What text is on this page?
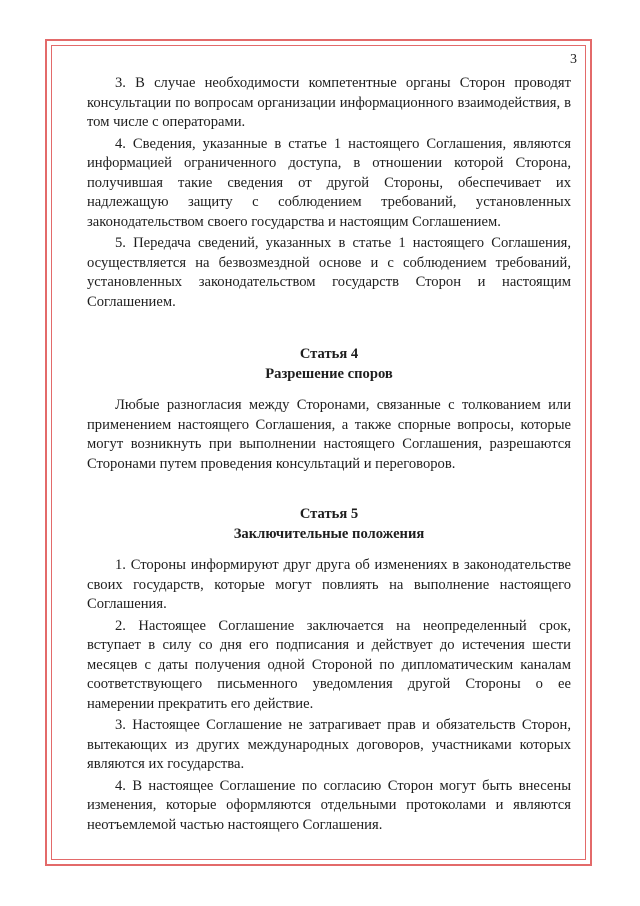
3

3. В случае необходимости компетентные органы Сторон проводят консультации по вопросам организации информационного взаимодействия, в том числе с операторами.

4. Сведения, указанные в статье 1 настоящего Соглашения, являются информацией ограниченного доступа, в отношении которой Сторона, получившая такие сведения от другой Стороны, обеспечивает их надлежащую защиту с соблюдением требований, установленных законодательством своего государства и настоящим Соглашением.

5. Передача сведений, указанных в статье 1 настоящего Соглашения, осуществляется на безвозмездной основе и с соблюдением требований, установленных законодательством государств Сторон и настоящим Соглашением.

Статья 4

Разрешение споров

Любые разногласия между Сторонами, связанные с толкованием или применением настоящего Соглашения, а также спорные вопросы, которые могут возникнуть при выполнении настоящего Соглашения, разрешаются Сторонами путем проведения консультаций и переговоров.

Статья 5

Заключительные положения

1. Стороны информируют друг друга об изменениях в законодательстве своих государств, которые могут повлиять на выполнение настоящего Соглашения.

2. Настоящее Соглашение заключается на неопределенный срок, вступает в силу со дня его подписания и действует до истечения шести месяцев с даты получения одной Стороной по дипломатическим каналам соответствующего письменного уведомления другой Стороны о ее намерении прекратить его действие.

3. Настоящее Соглашение не затрагивает прав и обязательств Сторон, вытекающих из других международных договоров, участниками которых являются их государства.

4. В настоящее Соглашение по согласию Сторон могут быть внесены изменения, которые оформляются отдельными протоколами и являются неотъемлемой частью настоящего Соглашения.
